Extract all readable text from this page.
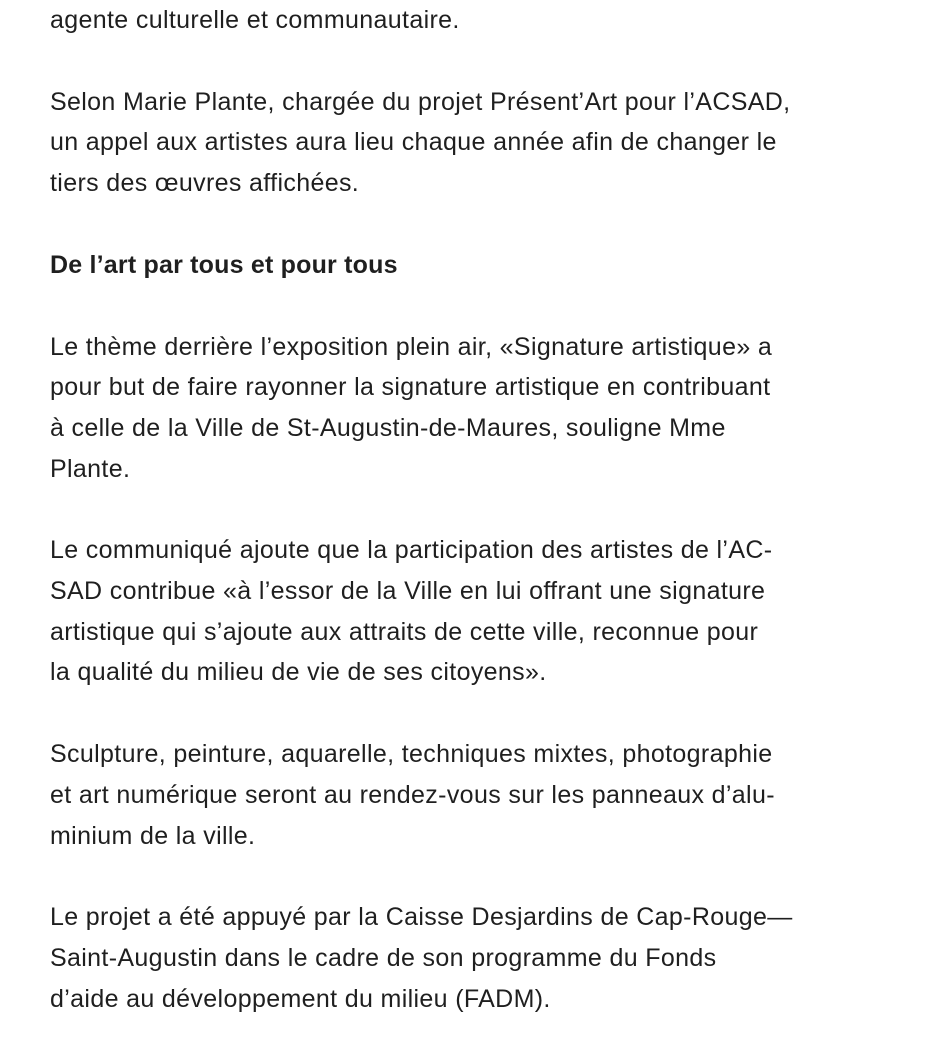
agente culturelle et communautaire.
Selon Marie Plante, chargée du projet Présent’Art pour l’ACSAD,
un appel aux artistes aura lieu chaque année afin de changer le
tiers des œuvres affichées.
De l’art par tous et pour tous
Le thème derrière l’exposition plein air, «Signature artistique» a
pour but de faire rayonner la signature artistique en contribuant
à celle de la Ville de St-Augustin-de-Maures, souligne Mme
Plante.
Le communiqué ajoute que la participation des artistes de l’AC-
SAD contribue «à l’essor de la Ville en lui offrant une signature
artistique qui s’ajoute aux attraits de cette ville, reconnue pour
la qualité du milieu de vie de ses citoyens».
Sculpture, peinture, aquarelle, techniques mixtes, photographie
et art numérique seront au rendez-vous sur les panneaux d’alu-
minium de la ville.
Le projet a été appuyé par la Caisse Desjardins de Cap-Rouge—
Saint-Augustin dans le cadre de son programme du Fonds
d’aide au développement du milieu (FADM).
